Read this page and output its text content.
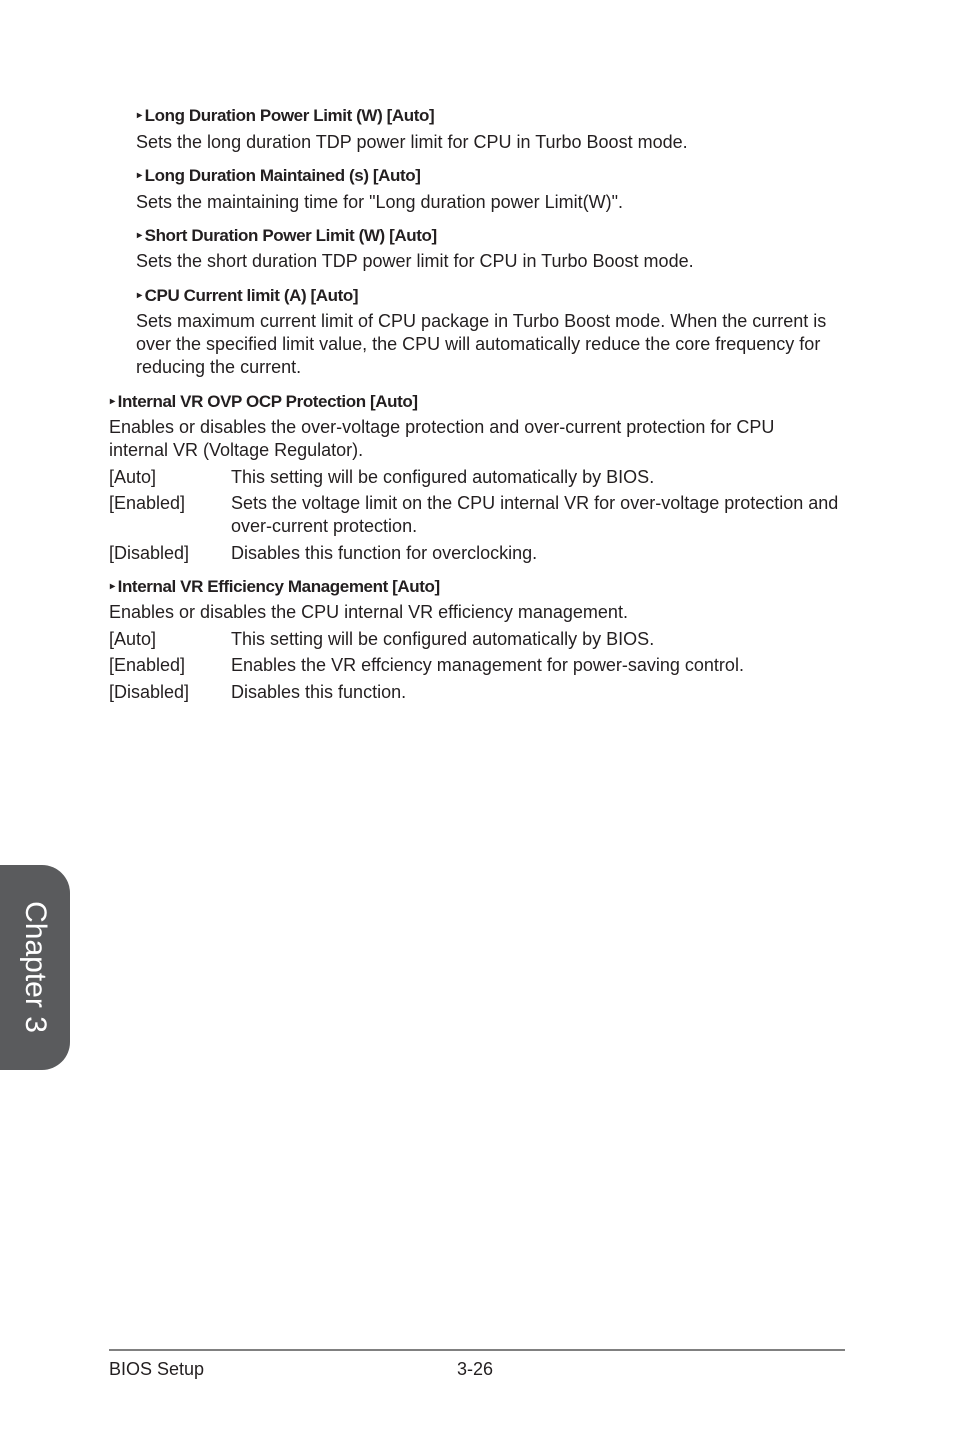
▸ Long Duration Power Limit (W) [Auto]
Sets the long duration TDP power limit for CPU in Turbo Boost mode.
▸ Long Duration Maintained (s) [Auto]
Sets the maintaining time for "Long duration power Limit(W)".
▸ Short Duration Power Limit (W) [Auto]
Sets the short duration TDP power limit for CPU in Turbo Boost mode.
▸ CPU Current limit (A) [Auto]
Sets maximum current limit of CPU package in Turbo Boost mode. When the current is over the specified limit value, the CPU will automatically reduce the core frequency for reducing the current.
▸ Internal VR OVP OCP Protection [Auto]
Enables or disables the over-voltage protection and over-current protection for CPU internal VR (Voltage Regulator).
[Auto]	This setting will be configured automatically by BIOS.
[Enabled]	Sets the voltage limit on the CPU internal VR for over-voltage protection and over-current protection.
[Disabled] Disables this function for overclocking.
▸ Internal VR Efficiency Management [Auto]
Enables or disables the CPU internal VR efficiency management.
[Auto]	This setting will be configured automatically by BIOS.
[Enabled]	Enables the VR effciency management for power-saving control.
[Disabled] Disables this function.
Chapter 3
BIOS Setup	3-26
